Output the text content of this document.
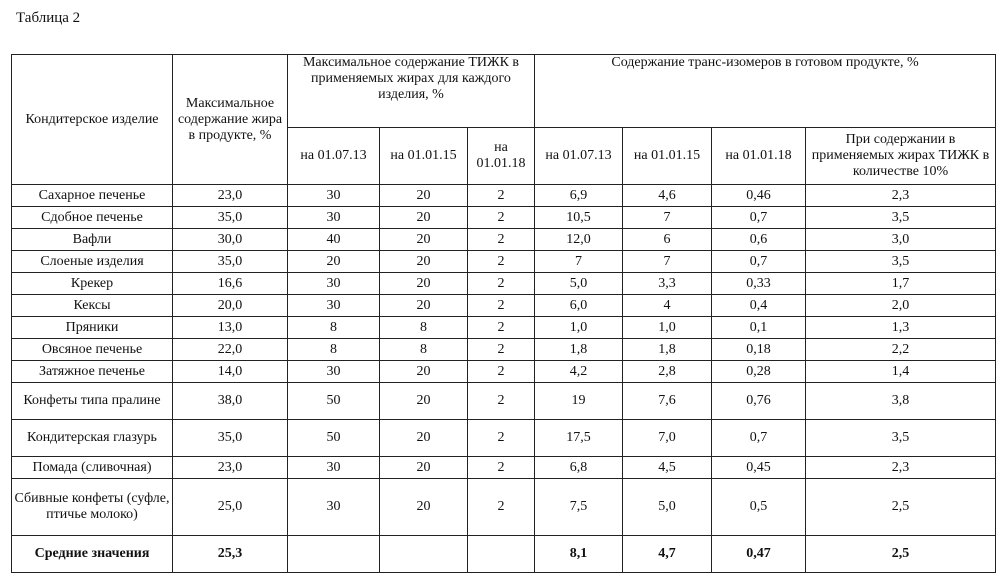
Таблица 2
Кондитерское изделие	Максимальное содержание жира в продукте, %	Максимальное содержание ТИЖК в применяемых жирах для каждого изделия, %			Содержание транс-изомеров в готовом продукте, %			
		на 01.07.13	на 01.01.15	на 01.01.18	на 01.07.13	на 01.01.15	на 01.01.18	При содержании в применяемых жирах ТИЖК в количестве 10%
Сахарное печенье	23,0	30	20	2	6,9	4,6	0,46	2,3
Сдобное печенье	35,0	30	20	2	10,5	7	0,7	3,5
Вафли	30,0	40	20	2	12,0	6	0,6	3,0
Слоеные изделия	35,0	20	20	2	7	7	0,7	3,5
Крекер	16,6	30	20	2	5,0	3,3	0,33	1,7
Кексы	20,0	30	20	2	6,0	4	0,4	2,0
Пряники	13,0	8	8	2	1,0	1,0	0,1	1,3
Овсяное печенье	22,0	8	8	2	1,8	1,8	0,18	2,2
Затяжное печенье	14,0	30	20	2	4,2	2,8	0,28	1,4
Конфеты типа пралине	38,0	50	20	2	19	7,6	0,76	3,8
Кондитерская глазурь	35,0	50	20	2	17,5	7,0	0,7	3,5
Помада (сливочная)	23,0	30	20	2	6,8	4,5	0,45	2,3
Сбивные конфеты (суфле, птичье молоко)	25,0	30	20	2	7,5	5,0	0,5	2,5
Средние значения	25,3				8,1	4,7	0,47	2,5
